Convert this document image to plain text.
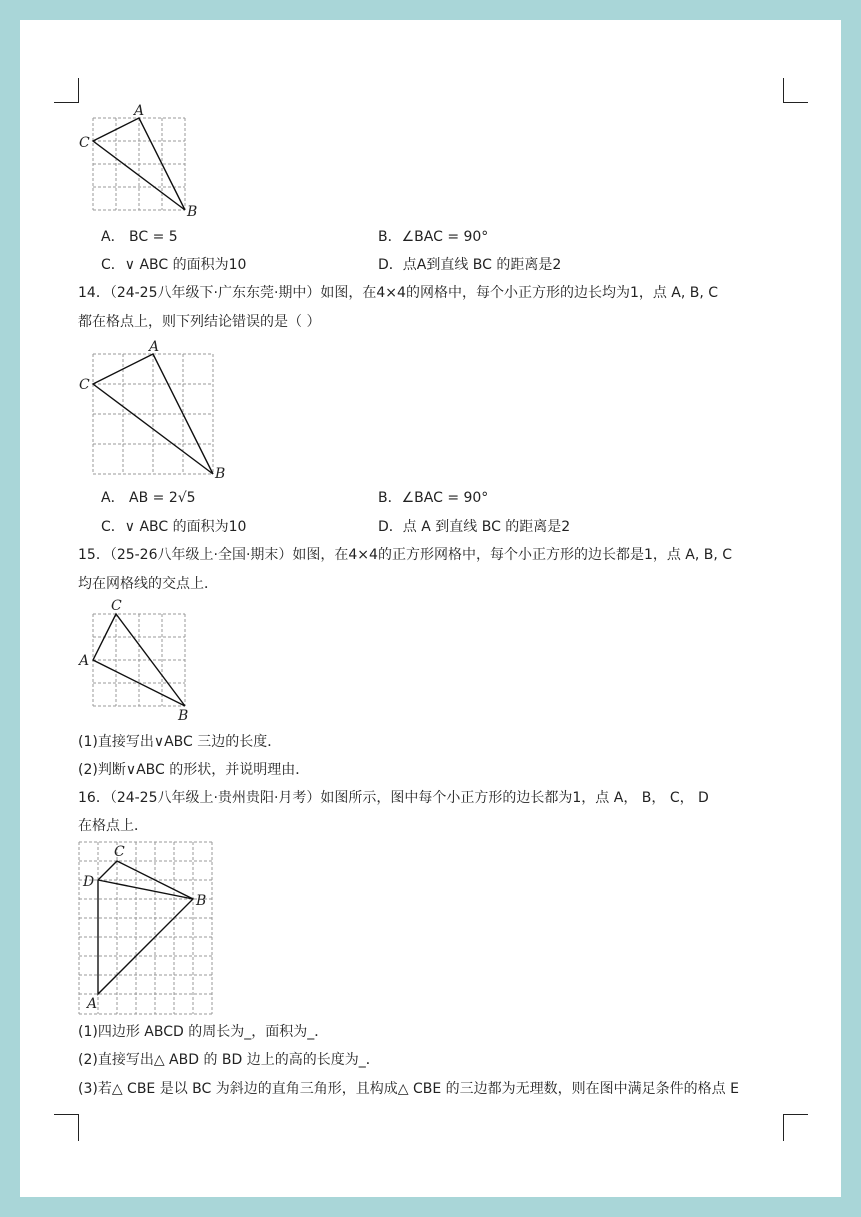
A
C
B
A． BC = 5	B．∠BAC = 90°
C．∨ ABC 的面积为10	D．点A到直线 BC 的距离是2
14．（24-25八年级下·广东东莞·期中）如图，在4×4的网格中，每个小正方形的边长均为1，点 A, B, C
都在格点上，则下列结论错误的是（ ）
A
C
B
A． AB = 2√5	B．∠BAC = 90°
C．∨ ABC 的面积为10	D．点 A 到直线 BC 的距离是2
15．（25-26八年级上·全国·期末）如图，在4×4的正方形网格中，每个小正方形的边长都是1，点 A, B, C
均在网格线的交点上．
C
A
B
(1)直接写出∨ABC 三边的长度．
(2)判断∨ABC 的形状，并说明理由．
16．（24-25八年级上·贵州贵阳·月考）如图所示，图中每个小正方形的边长都为1，点 A， B， C， D
在格点上．
C
D
B
A
(1)四边形 ABCD 的周长为_，面积为_．
(2)直接写出△ ABD 的 BD 边上的高的长度为_．
(3)若△ CBE 是以 BC 为斜边的直角三角形，且构成△ CBE 的三边都为无理数，则在图中满足条件的格点 E
